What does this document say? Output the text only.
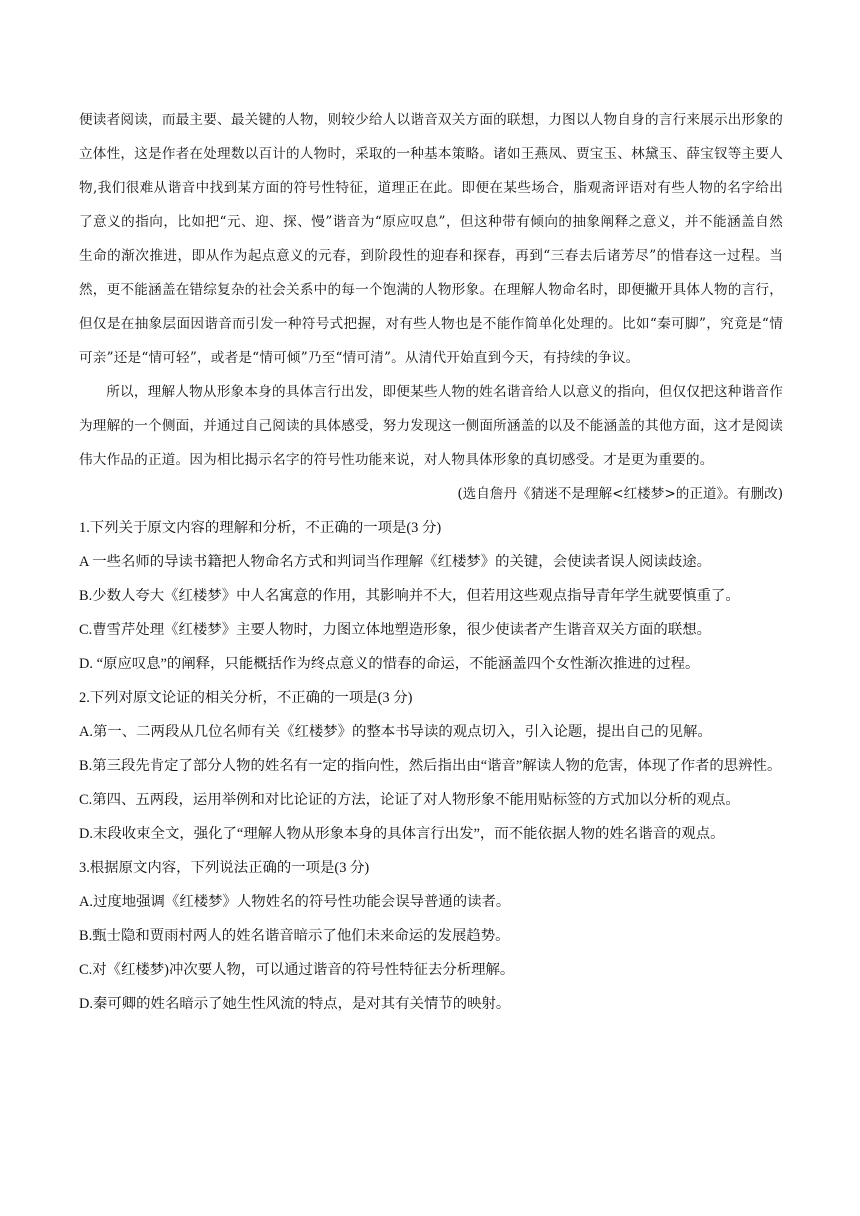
便读者阅读，而最主要、最关键的人物，则较少给人以谐音双关方面的联想，力图以人物自身的言行来展示出形象的立体性，这是作者在处理数以百计的人物时，采取的一种基本策略。诸如王燕凤、贾宝玉、林黛玉、薛宝钗等主要人物,我们很难从谐音中找到某方面的符号性特征，道理正在此。即便在某些场合，脂观斋评语对有些人物的名字给出了意义的指向，比如把“元、迎、探、慢”谐音为“原应叹息”，但这种带有倾向的抽象阐释之意义，并不能涵盖自然生命的渐次推进，即从作为起点意义的元春，到阶段性的迎春和探春，再到“三春去后诸芳尽”的惜春这一过程。当然，更不能涵盖在错综复杂的社会关系中的每一个饱满的人物形象。在理解人物命名时，即便撇开具体人物的言行，但仅是在抽象层面因谐音而引发一种符号式把握，对有些人物也是不能作简单化处理的。比如“秦可脚”，究竟是“情可亲”还是“情可轻”，或者是“情可倾”乃至“情可清”。从清代开始直到今天，有持续的争议。

所以，理解人物从形象本身的具体言行出发，即便某些人物的姓名谐音给人以意义的指向，但仅仅把这种谐音作为理解的一个侧面，并通过自己阅读的具体感受，努力发现这一侧面所涵盖的以及不能涵盖的其他方面，这才是阅读伟大作品的正道。因为相比揭示名字的符号性功能来说，对人物具体形象的真切感受。才是更为重要的。

(选自詹丹《猜迷不是理解<红楼梦>的正道》。有删改)

1.下列关于原文内容的理解和分析，不正确的一项是(3 分)

A 一些名师的导读书籍把人物命名方式和判词当作理解《红楼梦》的关键，会使读者误人阅读歧途。

B.少数人夸大《红楼梦》中人名寓意的作用，其影响并不大，但若用这些观点指导青年学生就要慎重了。

C.曹雪芹处理《红楼梦》主要人物时，力图立体地塑造形象，很少使读者产生谐音双关方面的联想。

D. “原应叹息”的阐释，只能概括作为终点意义的惜春的命运，不能涵盖四个女性渐次推进的过程。

2.下列对原文论证的相关分析，不正确的一项是(3 分)

A.第一、二两段从几位名师有关《红楼梦》的整本书导读的观点切入，引入论题，提出自己的见解。

B.第三段先肯定了部分人物的姓名有一定的指向性，然后指出由“谐音”解读人物的危害，体现了作者的思辨性。

C.第四、五两段，运用举例和对比论证的方法，论证了对人物形象不能用贴标签的方式加以分析的观点。

D.末段收束全文，强化了“理解人物从形象本身的具体言行出发”，而不能依据人物的姓名谐音的观点。

3.根据原文内容，下列说法正确的一项是(3 分)

A.过度地强调《红楼梦》人物姓名的符号性功能会误导普通的读者。

B.甄士隐和贾雨村两人的姓名谐音暗示了他们未来命运的发展趋势。

C.对《红楼梦)冲次要人物，可以通过谐音的符号性特征去分析理解。

D.秦可卿的姓名暗示了她生性风流的特点，是对其有关情节的映射。
